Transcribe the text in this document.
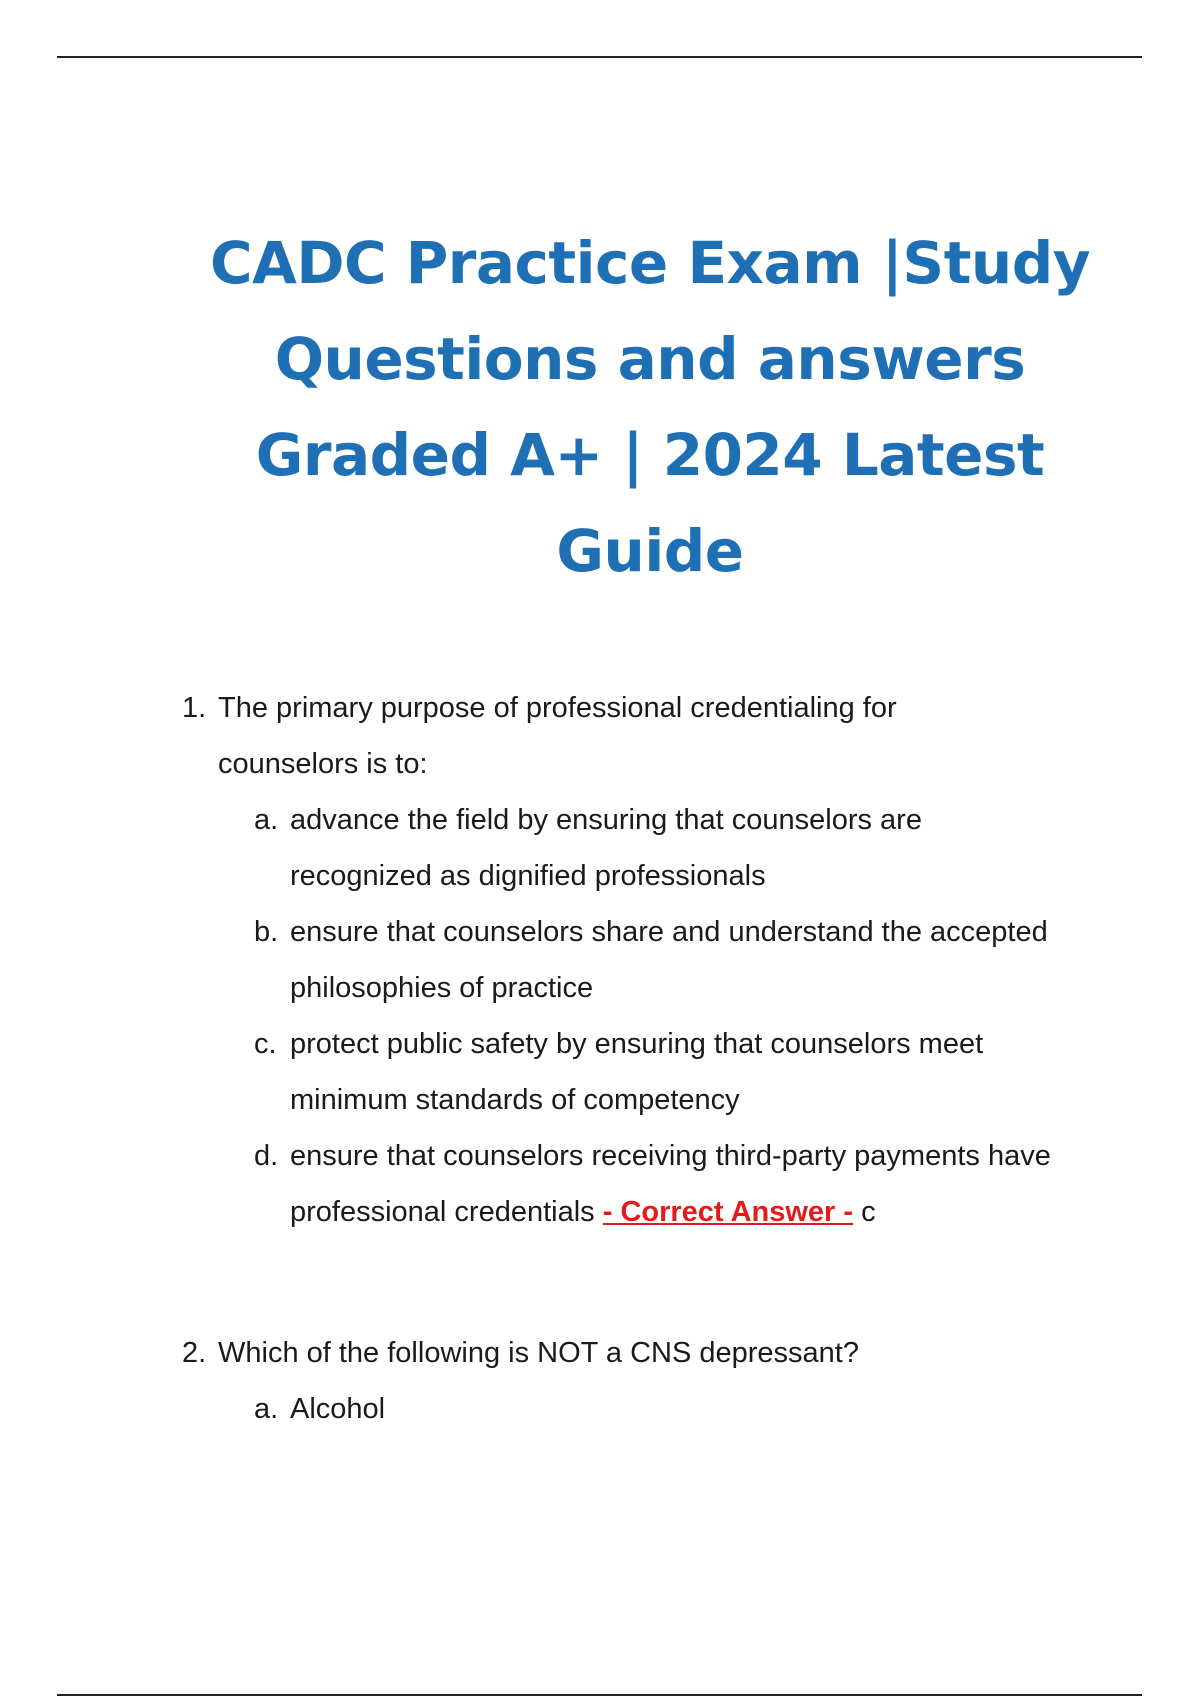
CADC Practice Exam |Study
Questions and answers
Graded A+ | 2024 Latest
Guide
1. The primary purpose of professional credentialing for counselors is to:
a. advance the field by ensuring that counselors are recognized as dignified professionals
b. ensure that counselors share and understand the accepted philosophies of practice
c. protect public safety by ensuring that counselors meet minimum standards of competency
d. ensure that counselors receiving third-party payments have professional credentials - Correct Answer - c
2. Which of the following is NOT a CNS depressant?
a. Alcohol
